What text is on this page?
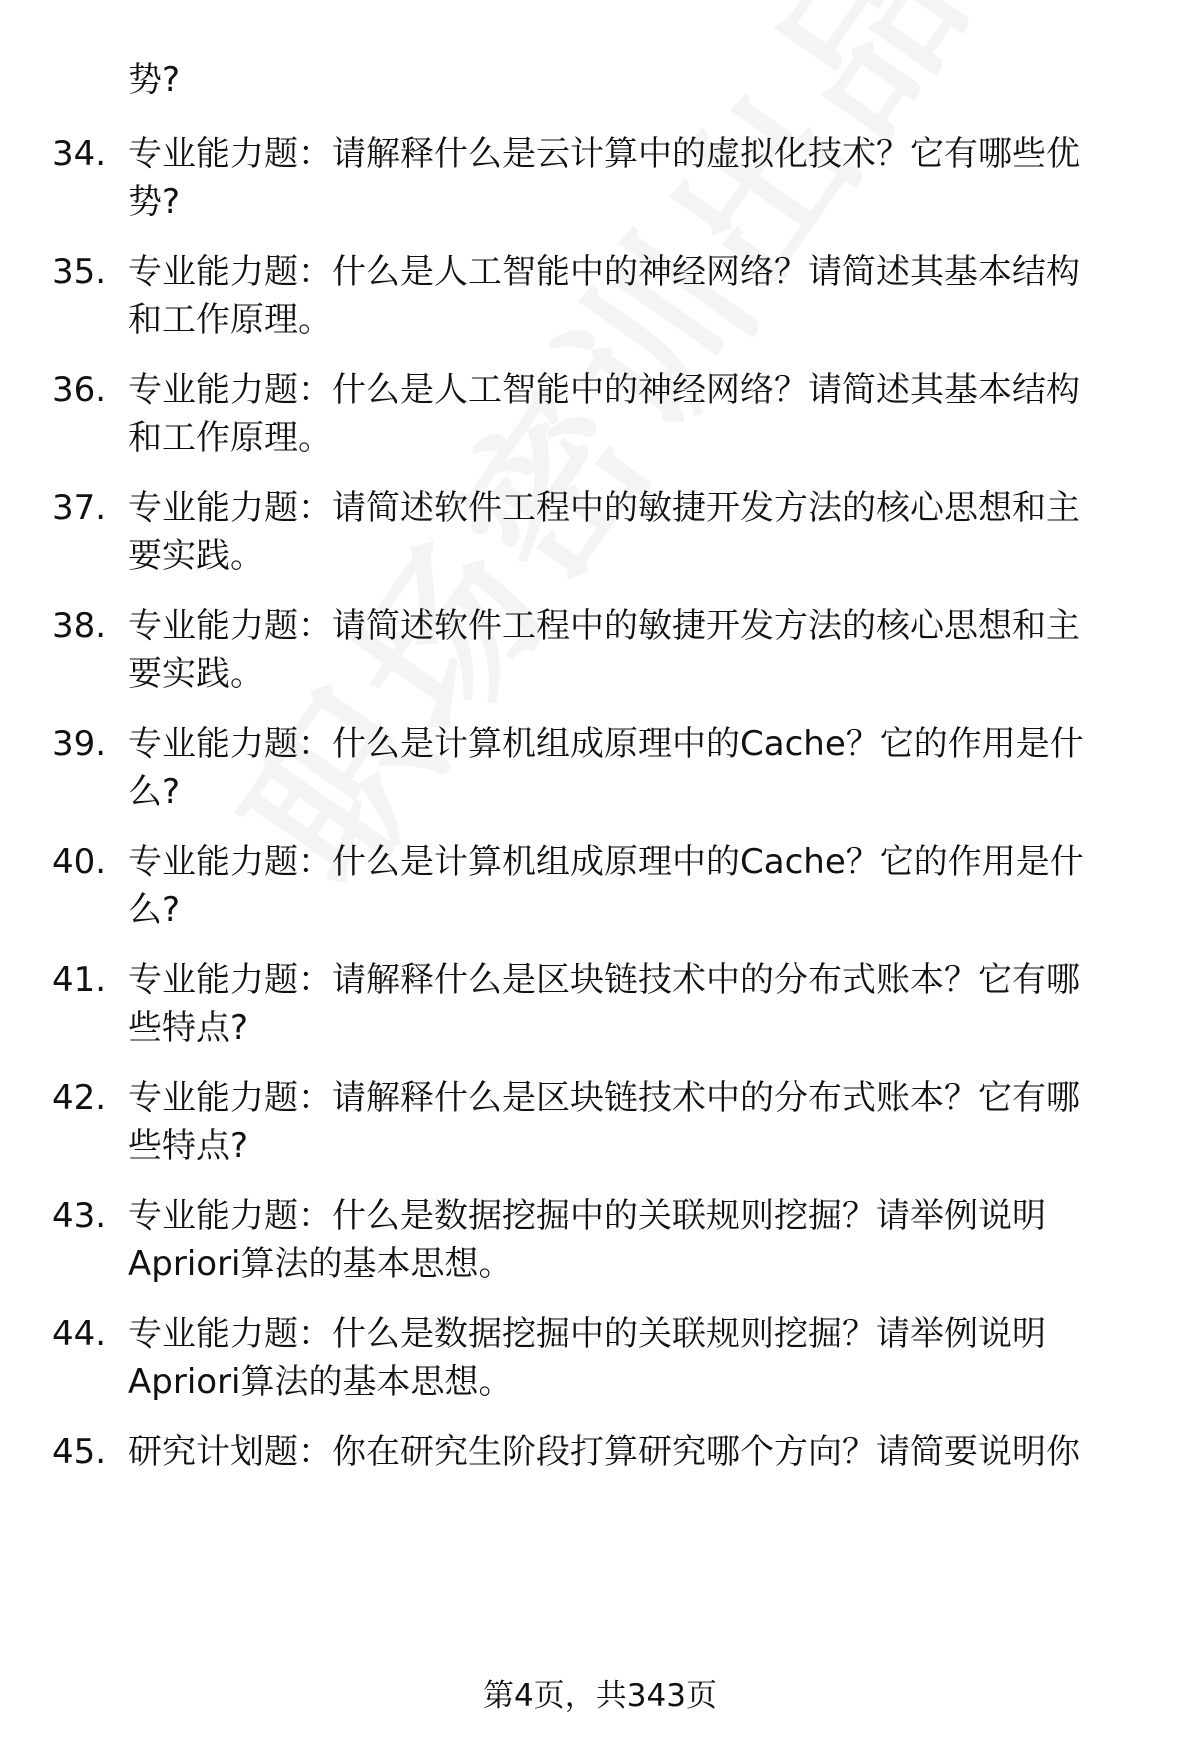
势?
34. 专业能力题：请解释什么是云计算中的虚拟化技术？它有哪些优
势?
35. 专业能力题：什么是人工智能中的神经网络？请简述其基本结构
和工作原理。
36. 专业能力题：什么是人工智能中的神经网络？请简述其基本结构
和工作原理。
37. 专业能力题：请简述软件工程中的敏捷开发方法的核心思想和主
要实践。
38. 专业能力题：请简述软件工程中的敏捷开发方法的核心思想和主
要实践。
39. 专业能力题：什么是计算机组成原理中的Cache？它的作用是什
么?
40. 专业能力题：什么是计算机组成原理中的Cache？它的作用是什
么?
41. 专业能力题：请解释什么是区块链技术中的分布式账本？它有哪
些特点?
42. 专业能力题：请解释什么是区块链技术中的分布式账本？它有哪
些特点?
43. 专业能力题：什么是数据挖掘中的关联规则挖掘？请举例说明
Apriori算法的基本思想。
44. 专业能力题：什么是数据挖掘中的关联规则挖掘？请举例说明
Apriori算法的基本思想。
45. 研究计划题：你在研究生阶段打算研究哪个方向？请简要说明你
第4页，共343页
